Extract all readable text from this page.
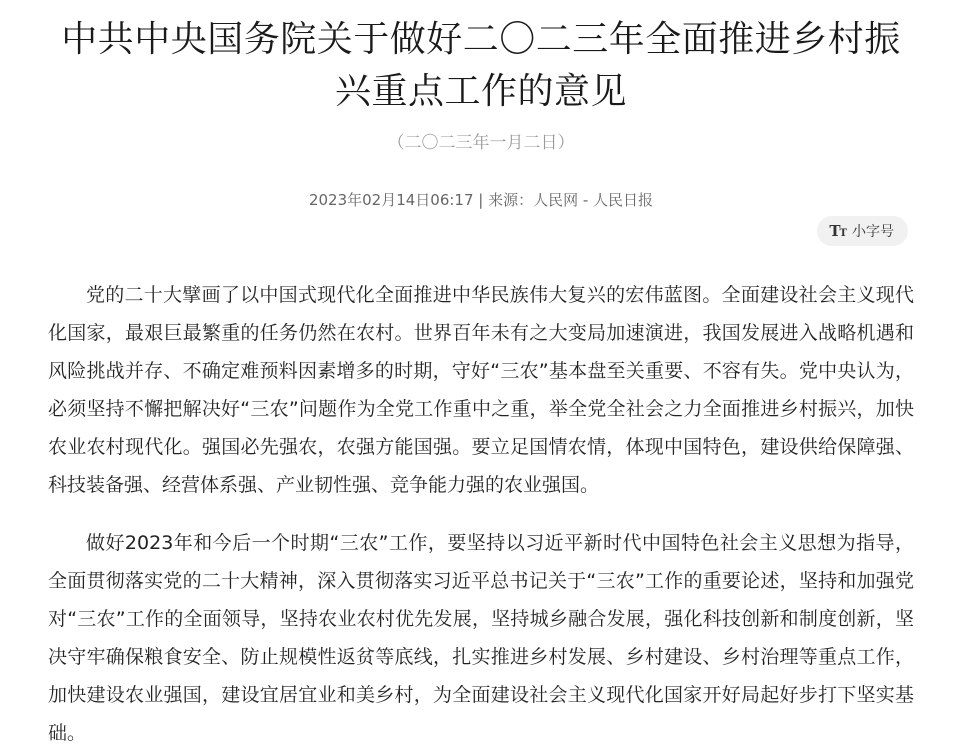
中共中央国务院关于做好二〇二三年全面推进乡村振兴重点工作的意见
（二〇二三年一月二日）
2023年02月14日06:17 | 来源：人民网 - 人民日报
TT 小字号

党的二十大擘画了以中国式现代化全面推进中华民族伟大复兴的宏伟蓝图。全面建设社会主义现代化国家，最艰巨最繁重的任务仍然在农村。世界百年未有之大变局加速演进，我国发展进入战略机遇和风险挑战并存、不确定难预料因素增多的时期，守好“三农”基本盘至关重要、不容有失。党中央认为，必须坚持不懈把解决好“三农”问题作为全党工作重中之重，举全党全社会之力全面推进乡村振兴，加快农业农村现代化。强国必先强农，农强方能国强。要立足国情农情，体现中国特色，建设供给保障强、科技装备强、经营体系强、产业韧性强、竞争能力强的农业强国。

做好2023年和今后一个时期“三农”工作，要坚持以习近平新时代中国特色社会主义思想为指导，全面贯彻落实党的二十大精神，深入贯彻落实习近平总书记关于“三农”工作的重要论述，坚持和加强党对“三农”工作的全面领导，坚持农业农村优先发展，坚持城乡融合发展，强化科技创新和制度创新，坚决守牢确保粮食安全、防止规模性返贫等底线，扎实推进乡村发展、乡村建设、乡村治理等重点工作，加快建设农业强国，建设宜居宜业和美乡村，为全面建设社会主义现代化国家开好局起好步打下坚实基础。
